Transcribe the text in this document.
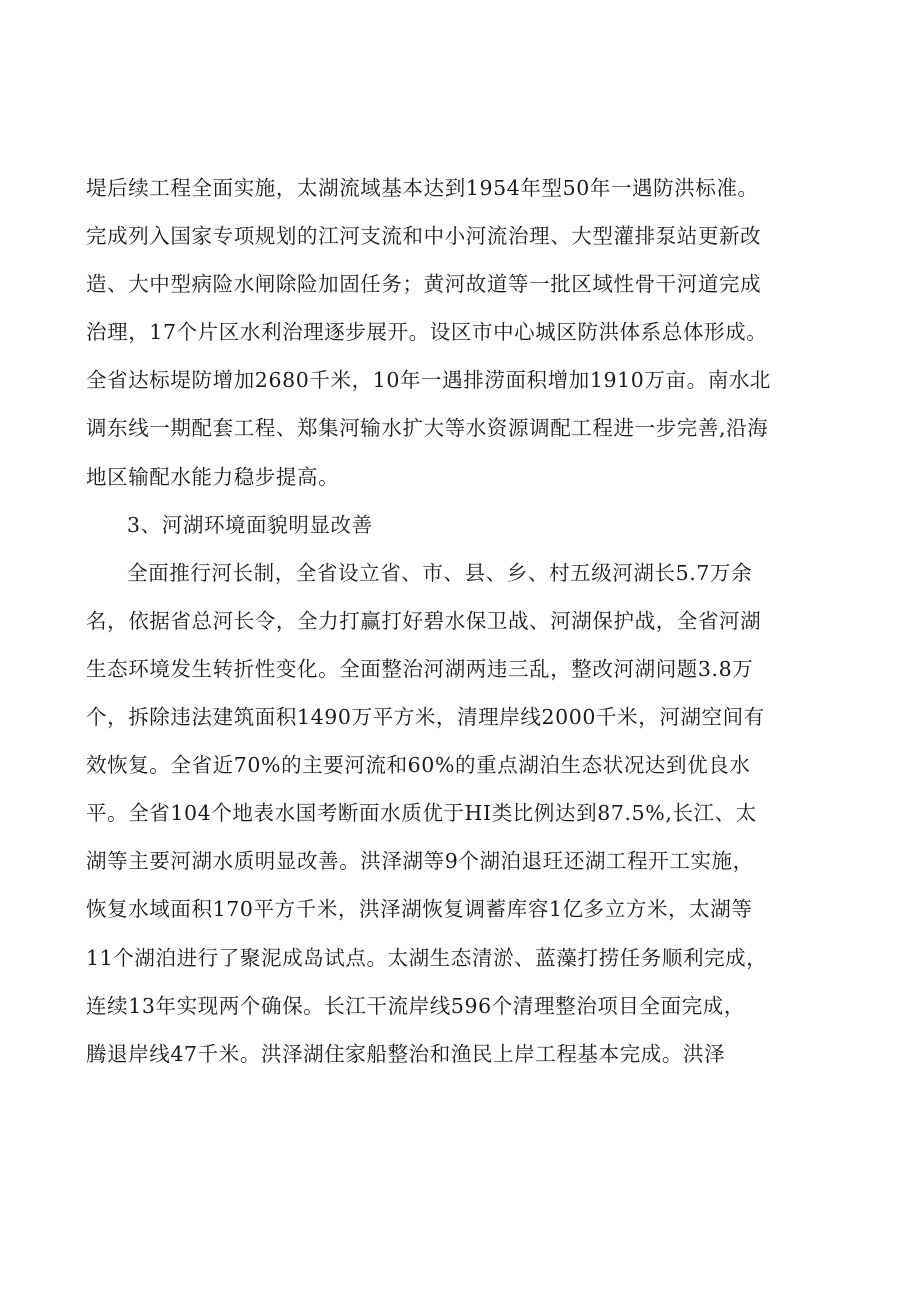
堤后续工程全面实施，太湖流域基本达到1954年型50年一遇防洪标准。
完成列入国家专项规划的江河支流和中小河流治理、大型灌排泵站更新改
造、大中型病险水闸除险加固任务；黄河故道等一批区域性骨干河道完成
治理，17个片区水利治理逐步展开。设区市中心城区防洪体系总体形成。
全省达标堤防增加2680千米，10年一遇排涝面积增加1910万亩。南水北
调东线一期配套工程、郑集河输水扩大等水资源调配工程进一步完善,沿海
地区输配水能力稳步提高。
3、河湖环境面貌明显改善
全面推行河长制，全省设立省、市、县、乡、村五级河湖长5.7万余
名，依据省总河长令，全力打赢打好碧水保卫战、河湖保护战，全省河湖
生态环境发生转折性变化。全面整治河湖两违三乱，整改河湖问题3.8万
个，拆除违法建筑面积1490万平方米，清理岸线2000千米，河湖空间有
效恢复。全省近70%的主要河流和60%的重点湖泊生态状况达到优良水
平。全省104个地表水国考断面水质优于HI类比例达到87.5%,长江、太
湖等主要河湖水质明显改善。洪泽湖等9个湖泊退玨还湖工程开工实施，
恢复水域面积170平方千米，洪泽湖恢复调蓄库容1亿多立方米，太湖等
11个湖泊进行了聚泥成岛试点。太湖生态清淤、蓝藻打捞任务顺利完成，
连续13年实现两个确保。长江干流岸线596个清理整治项目全面完成，
腾退岸线47千米。洪泽湖住家船整治和渔民上岸工程基本完成。洪泽
